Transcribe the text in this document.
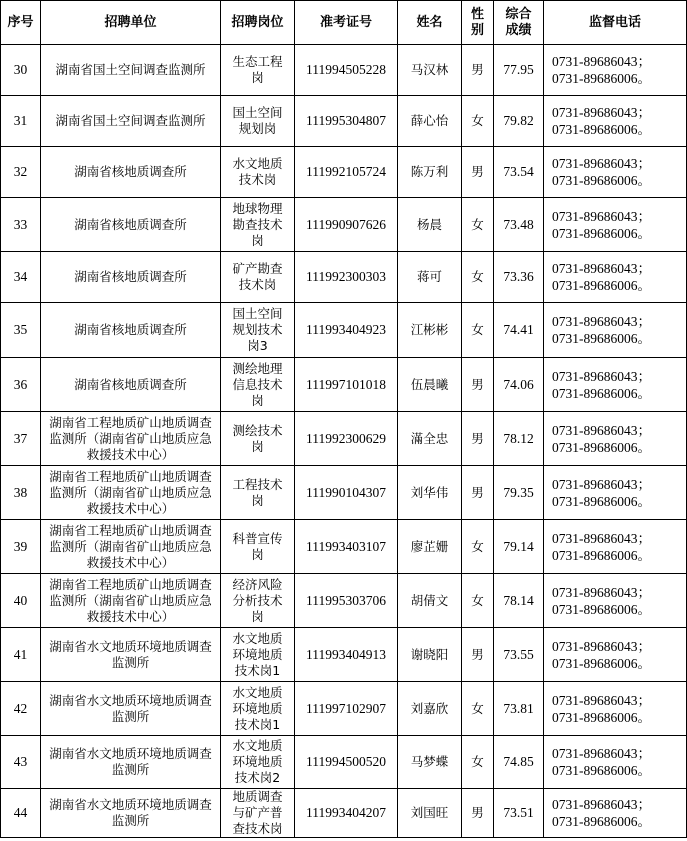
序号	招聘单位	招聘岗位	准考证号	姓名	性别	综合成绩	监督电话
30	湖南省国土空间调查监测所	生态工程岗	111994505228	马汉林	男	77.95	0731-89686043；
0731-89686006。

31	湖南省国土空间调查监测所	国土空间规划岗	111995304807	薛心怡	女	79.82	0731-89686043；
0731-89686006。

32	湖南省核地质调查所	水文地质技术岗	111992105724	陈万利	男	73.54	0731-89686043；
0731-89686006。

33	湖南省核地质调查所	地球物理勘查技术岗	111990907626	杨晨	女	73.48	0731-89686043；
0731-89686006。

34	湖南省核地质调查所	矿产勘查技术岗	111992300303	蒋可	女	73.36	0731-89686043；
0731-89686006。

35	湖南省核地质调查所	国土空间规划技术岗3	111993404923	江彬彬	女	74.41	0731-89686043；
0731-89686006。

36	湖南省核地质调查所	测绘地理信息技术岗	111997101018	伍晨曦	男	74.06	0731-89686043；
0731-89686006。

37	湖南省工程地质矿山地质调查监测所（湖南省矿山地质应急救援技术中心）	测绘技术岗	111992300629	滿全忠	男	78.12	0731-89686043；
0731-89686006。

38	湖南省工程地质矿山地质调查监测所（湖南省矿山地质应急救援技术中心）	工程技术岗	111990104307	刘华伟	男	79.35	0731-89686043；
0731-89686006。

39	湖南省工程地质矿山地质调查监测所（湖南省矿山地质应急救援技术中心）	科普宣传岗	111993403107	廖芷姗	女	79.14	0731-89686043；
0731-89686006。

40	湖南省工程地质矿山地质调查监测所（湖南省矿山地质应急救援技术中心）	经济风险分析技术岗	111995303706	胡倩文	女	78.14	0731-89686043；
0731-89686006。

41	湖南省水文地质环境地质调查监测所	水文地质环境地质技术岗1	111993404913	谢晓阳	男	73.55	0731-89686043；
0731-89686006。

42	湖南省水文地质环境地质调查监测所	水文地质环境地质技术岗1	111997102907	刘嘉欣	女	73.81	0731-89686043；
0731-89686006。

43	湖南省水文地质环境地质调查监测所	水文地质环境地质技术岗2	111994500520	马梦蝶	女	74.85	0731-89686043；
0731-89686006。

44	湖南省水文地质环境地质调查监测所	地质调查与矿产普查技术岗	111993404207	刘国旺	男	73.51	0731-89686043；
0731-89686006。
